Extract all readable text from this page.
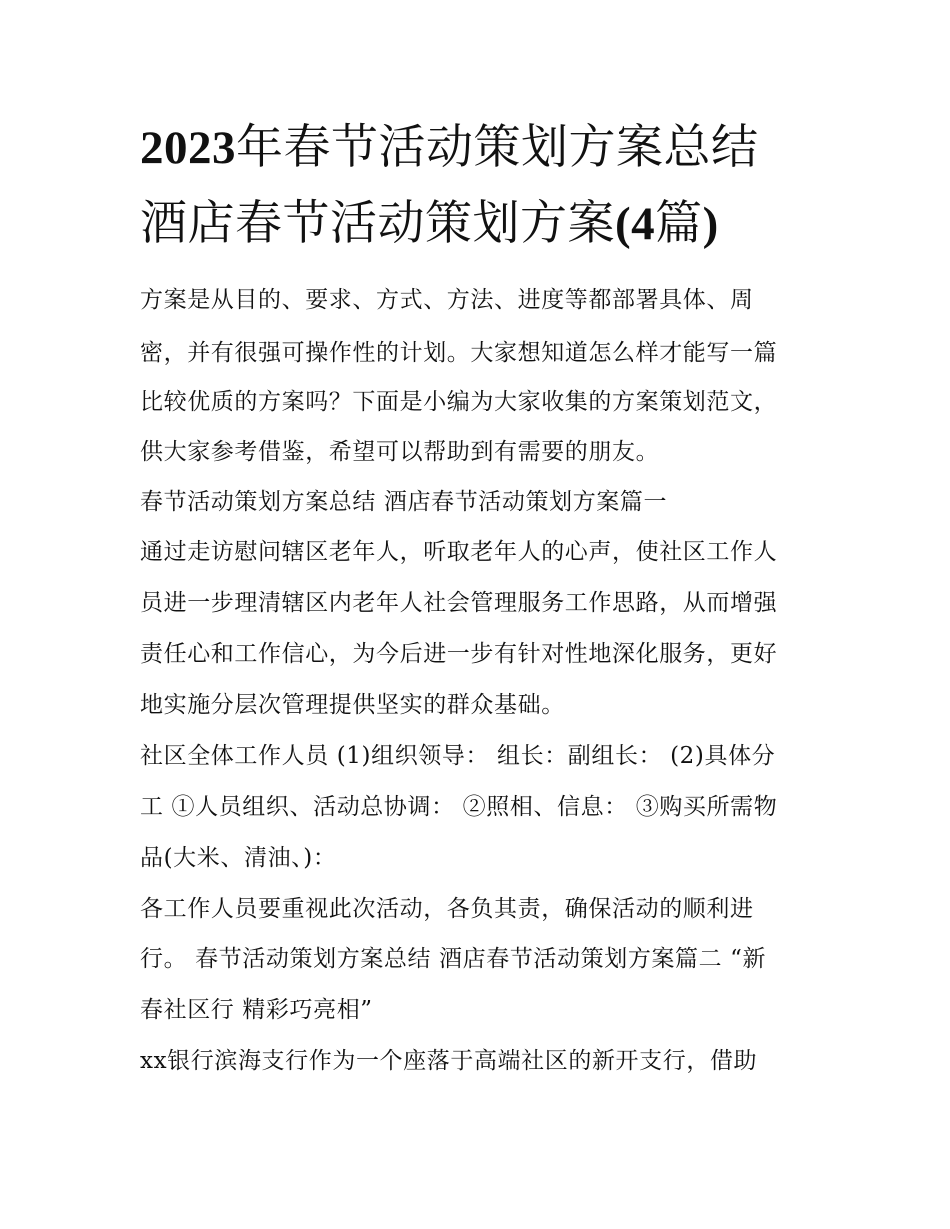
2023年春节活动策划方案总结
酒店春节活动策划方案(4篇)

方案是从目的、要求、方式、方法、进度等都部署具体、周

密，并有很强可操作性的计划。大家想知道怎么样才能写一篇

比较优质的方案吗？下面是小编为大家收集的方案策划范文，

供大家参考借鉴，希望可以帮助到有需要的朋友。

春节活动策划方案总结 酒店春节活动策划方案篇一

通过走访慰问辖区老年人，听取老年人的心声，使社区工作人

员进一步理清辖区内老年人社会管理服务工作思路，从而增强

责任心和工作信心，为今后进一步有针对性地深化服务，更好

地实施分层次管理提供坚实的群众基础。

社区全体工作人员 (1)组织领导： 组长：副组长： (2)具体分

工 ①人员组织、活动总协调： ②照相、信息： ③购买所需物

品(大米、清油、)：

各工作人员要重视此次活动，各负其责，确保活动的顺利进

行。 春节活动策划方案总结 酒店春节活动策划方案篇二 “新

春社区行 精彩巧亮相”

xx银行滨海支行作为一个座落于高端社区的新开支行，借助
